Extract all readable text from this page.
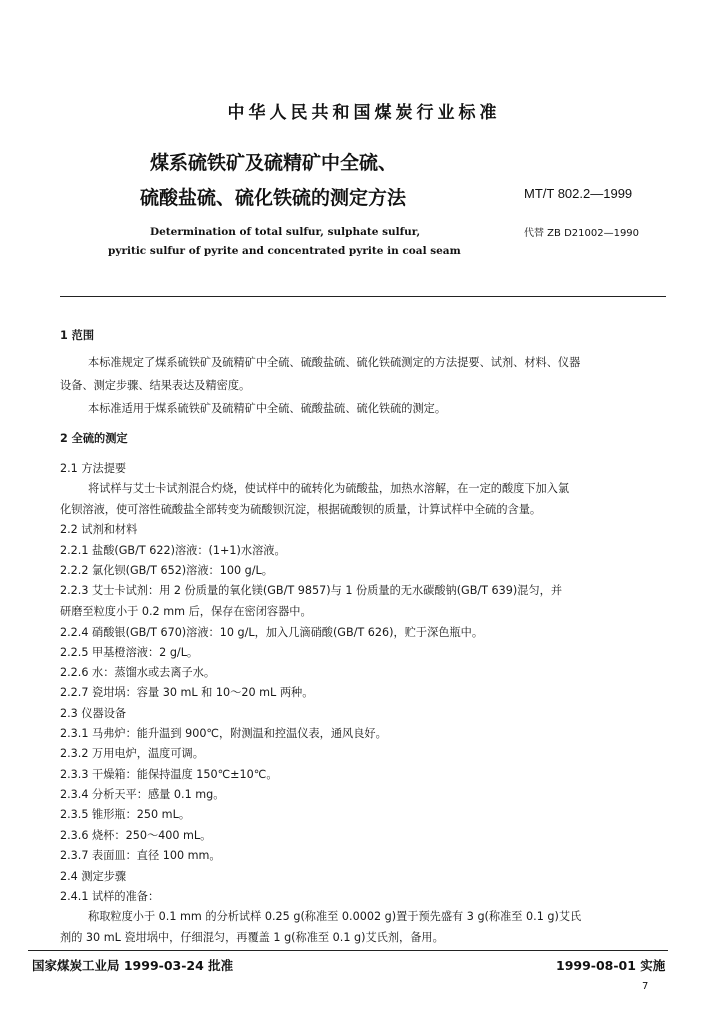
中华人民共和国煤炭行业标准
煤系硫铁矿及硫精矿中全硫、
硫酸盐硫、硫化铁硫的测定方法	MT/T 802.2—1999
Determination of total sulfur, sulphate sulfur,
pyritic sulfur of pyrite and concentrated pyrite in coal seam
代替 ZB D21002—1990
1 范围
本标准规定了煤系硫铁矿及硫精矿中全硫、硫酸盐硫、硫化铁硫测定的方法提要、试剂、材料、仪器
设备、测定步骤、结果表达及精密度。
本标准适用于煤系硫铁矿及硫精矿中全硫、硫酸盐硫、硫化铁硫的测定。
2 全硫的测定
2.1 方法提要
将试样与艾士卡试剂混合灼烧，使试样中的硫转化为硫酸盐，加热水溶解，在一定的酸度下加入氯
化钡溶液，使可溶性硫酸盐全部转变为硫酸钡沉淀，根据硫酸钡的质量，计算试样中全硫的含量。
2.2 试剂和材料
2.2.1 盐酸(GB/T 622)溶液：(1+1)水溶液。
2.2.2 氯化钡(GB/T 652)溶液：100 g/L。
2.2.3 艾士卡试剂：用 2 份质量的氧化镁(GB/T 9857)与 1 份质量的无水碳酸钠(GB/T 639)混匀，并
研磨至粒度小于 0.2 mm 后，保存在密闭容器中。
2.2.4 硝酸银(GB/T 670)溶液：10 g/L，加入几滴硝酸(GB/T 626)，贮于深色瓶中。
2.2.5 甲基橙溶液：2 g/L。
2.2.6 水：蒸馏水或去离子水。
2.2.7 瓷坩埚：容量 30 mL 和 10～20 mL 两种。
2.3 仪器设备
2.3.1 马弗炉：能升温到 900℃，附测温和控温仪表，通风良好。
2.3.2 万用电炉，温度可调。
2.3.3 干燥箱：能保持温度 150℃±10℃。
2.3.4 分析天平：感量 0.1 mg。
2.3.5 锥形瓶：250 mL。
2.3.6 烧杯：250～400 mL。
2.3.7 表面皿：直径 100 mm。
2.4 测定步骤
2.4.1 试样的准备：
称取粒度小于 0.1 mm 的分析试样 0.25 g(称准至 0.0002 g)置于预先盛有 3 g(称准至 0.1 g)艾氏
剂的 30 mL 瓷坩埚中，仔细混匀，再覆盖 1 g(称准至 0.1 g)艾氏剂，备用。
国家煤炭工业局 1999-03-24 批准	1999-08-01 实施
7
